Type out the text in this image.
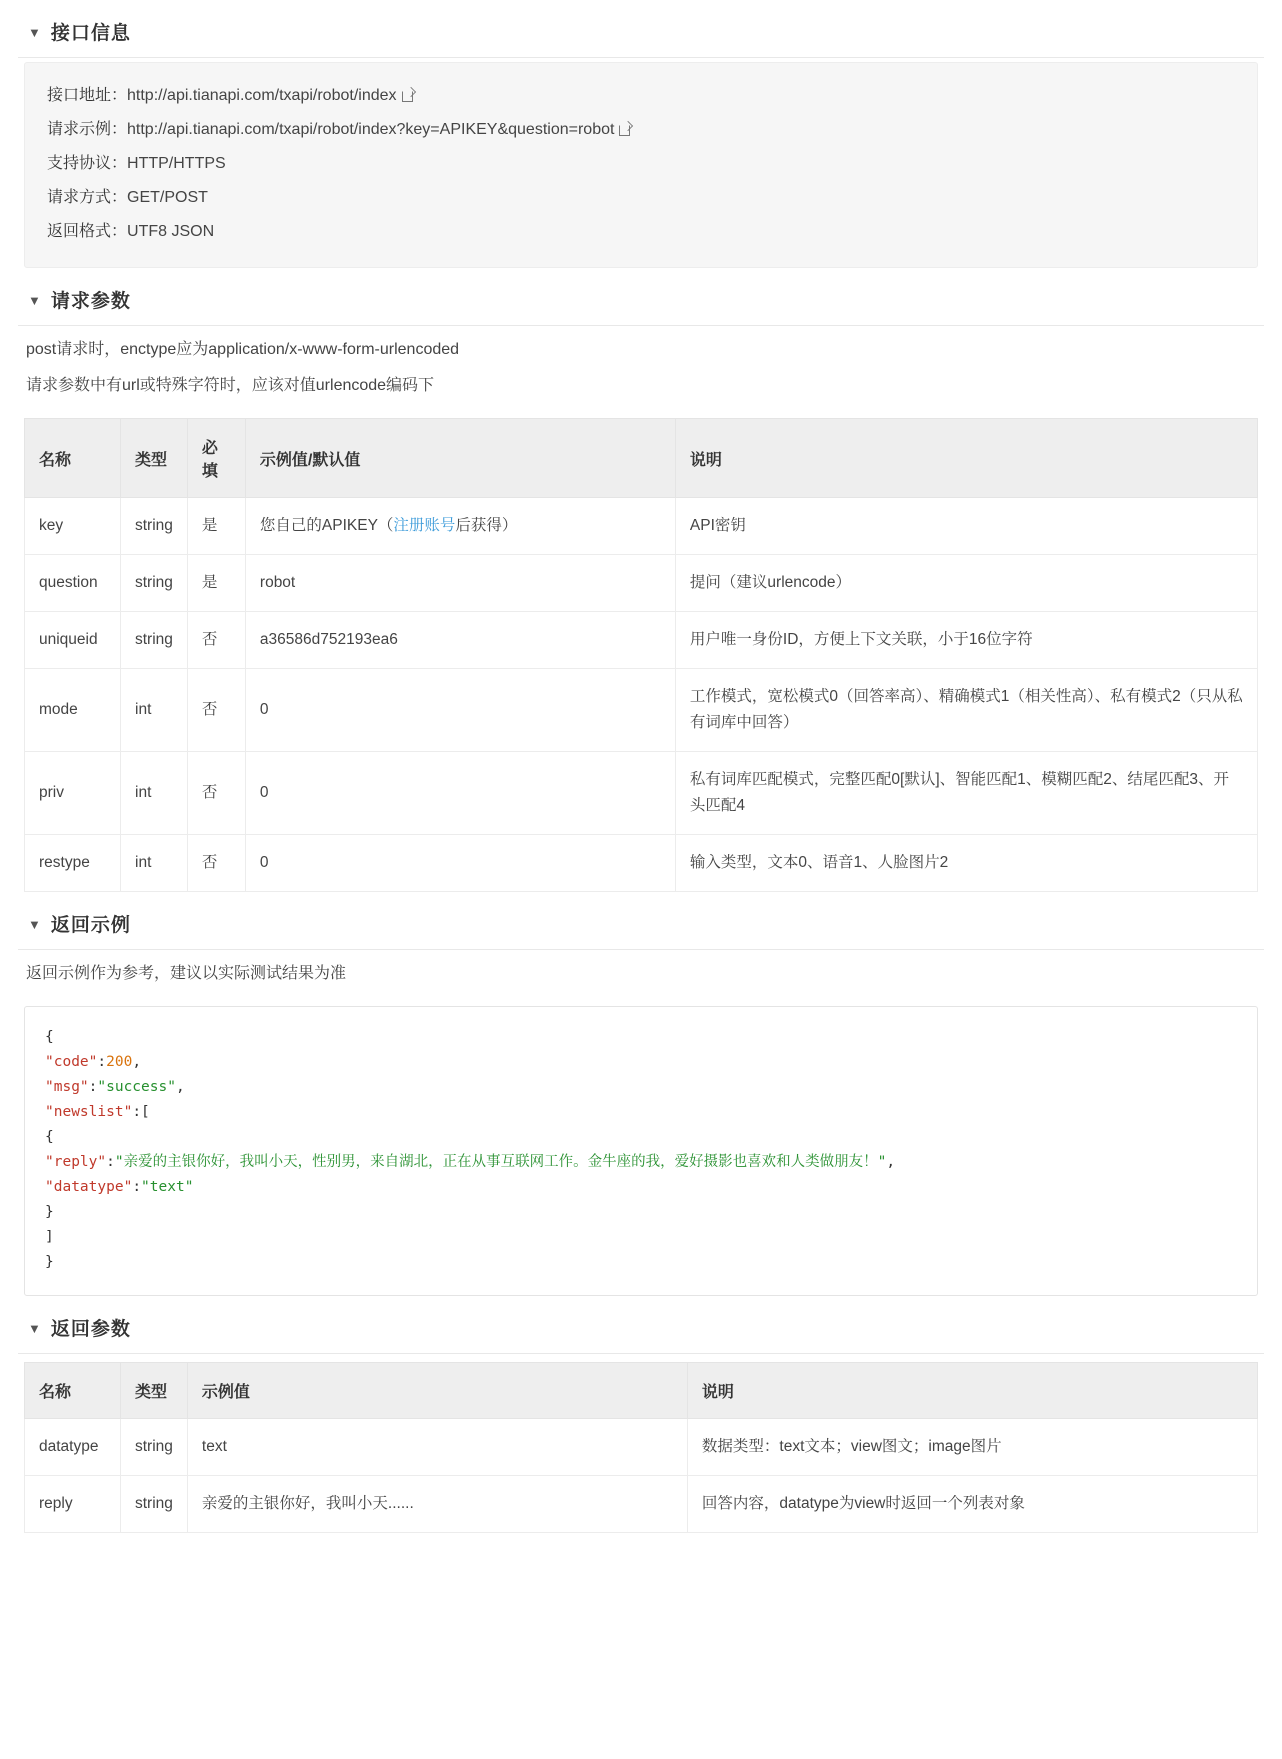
▼ 接口信息
接口地址：http://api.tianapi.com/txapi/robot/index
请求示例：http://api.tianapi.com/txapi/robot/index?key=APIKEY&question=robot
支持协议：HTTP/HTTPS
请求方式：GET/POST
返回格式：UTF8 JSON
▼ 请求参数
post请求时，enctype应为application/x-www-form-urlencoded
请求参数中有url或特殊字符时，应该对值urlencode编码下
名称	类型	必填	示例值/默认值	说明
key	string	是	您自己的APIKEY（注册账号后获得）	API密钥
question	string	是	robot	提问（建议urlencode）
uniqueid	string	否	a36586d752193ea6	用户唯一身份ID，方便上下文关联，小于16位字符
mode	int	否	0	工作模式，宽松模式0（回答率高）、精确模式1（相关性高）、私有模式2（只从私有词库中回答）
priv	int	否	0	私有词库匹配模式，完整匹配0[默认]、智能匹配1、模糊匹配2、结尾匹配3、开头匹配4
restype	int	否	0	输入类型，文本0、语音1、人脸图片2
▼ 返回示例
返回示例作为参考，建议以实际测试结果为准
{
"code":200,
"msg":"success",
"newslist":[
{
"reply":"亲爱的主银你好，我叫小天，性别男，来自湖北，正在从事互联网工作。金牛座的我，爱好摄影也喜欢和人类做朋友！",
"datatype":"text"
}
]
}
▼ 返回参数
名称	类型	示例值	说明
datatype	string	text	数据类型：text文本；view图文；image图片
reply	string	亲爱的主银你好，我叫小天......	回答内容，datatype为view时返回一个列表对象
